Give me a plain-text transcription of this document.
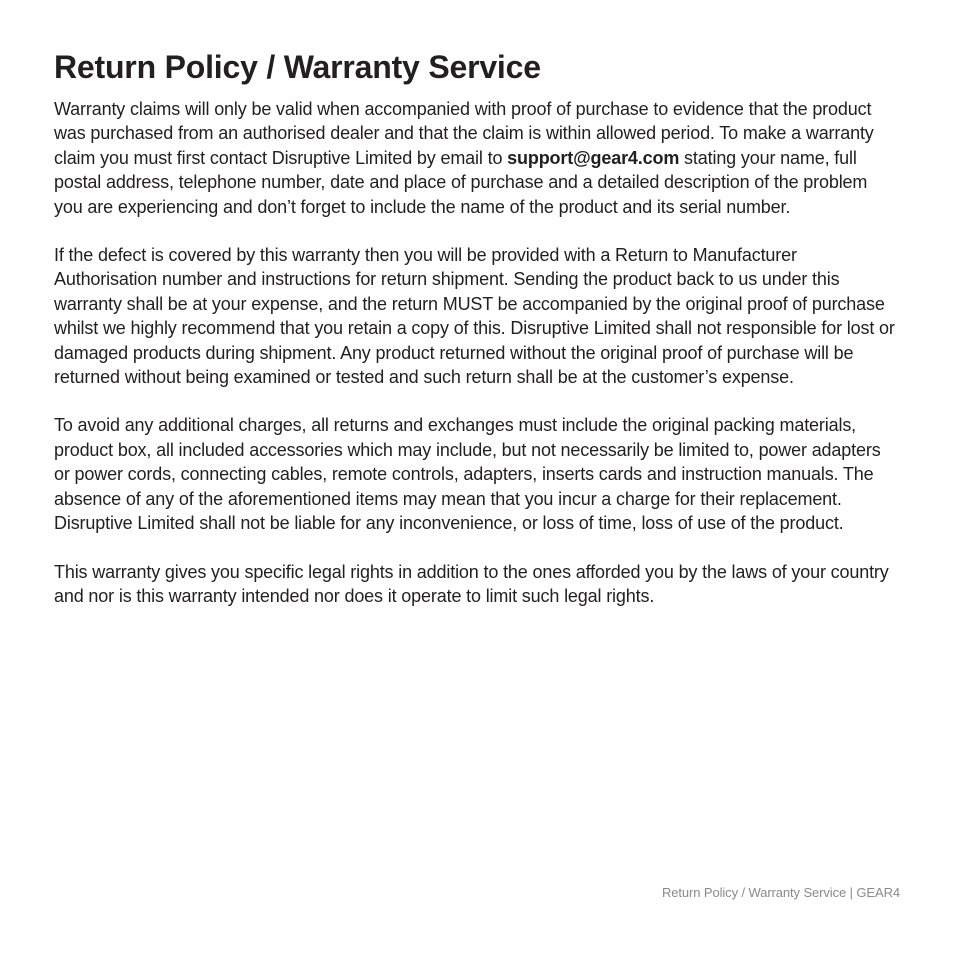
Return Policy / Warranty Service

Warranty claims will only be valid when accompanied with proof of purchase to evidence that the product was purchased from an authorised dealer and that the claim is within allowed period. To make a warranty claim you must first contact Disruptive Limited by email to support@gear4.com stating your name, full postal address, telephone number, date and place of purchase and a detailed description of the problem you are experiencing and don’t forget to include the name of the product and its serial number.

If the defect is covered by this warranty then you will be provided with a Return to Manufacturer Authorisation number and instructions for return shipment. Sending the product back to us under this warranty shall be at your expense, and the return MUST be accompanied by the original proof of purchase whilst we highly recommend that you retain a copy of this. Disruptive Limited shall not responsible for lost or damaged products during shipment. Any product returned without the original proof of purchase will be returned without being examined or tested and such return shall be at the customer’s expense.

To avoid any additional charges, all returns and exchanges must include the original packing materials, product box, all included accessories which may include, but not necessarily be limited to, power adapters or power cords, connecting cables, remote controls, adapters, inserts cards and instruction manuals. The absence of any of the aforementioned items may mean that you incur a charge for their replacement. Disruptive Limited shall not be liable for any inconvenience, or loss of time, loss of use of the product.

This warranty gives you specific legal rights in addition to the ones afforded you by the laws of your country and nor is this warranty intended nor does it operate to limit such legal rights.

Return Policy / Warranty Service | GEAR4
